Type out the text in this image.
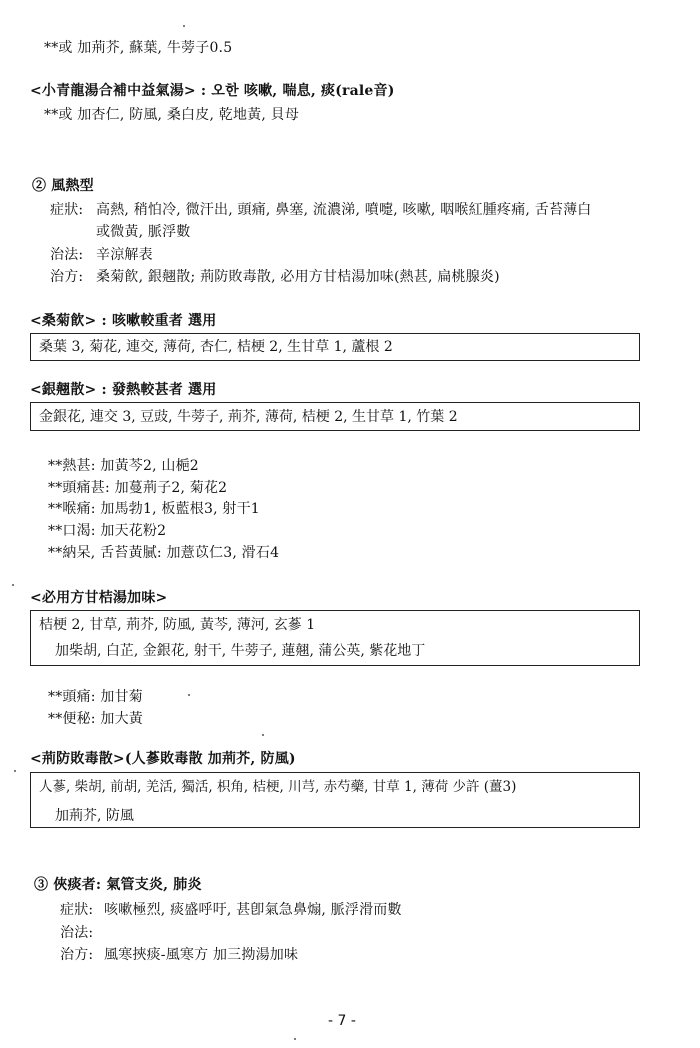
**或 加荊芥, 蘇葉, 牛蒡子0.5
<小青龍湯合補中益氣湯> : 오한 咳嗽, 喘息, 痰(rale音)
**或 加杏仁, 防風, 桑白皮, 乾地黃, 貝母
② 風熱型
症狀: 高熱, 稍怕冷, 微汗出, 頭痛, 鼻塞, 流濃涕, 噴嚏, 咳嗽, 咽喉紅腫疼痛, 舌苔薄白
或微黃, 脈浮數
治法: 辛涼解表
治方: 桑菊飮, 銀翹散; 荊防敗毒散, 必用方甘桔湯加味(熱甚, 扁桃腺炎)
<桑菊飮> : 咳嗽較重者 選用
桑葉 3, 菊花, 連交, 薄荷, 杏仁, 桔梗 2, 生甘草 1, 蘆根 2
<銀翹散> : 發熱較甚者 選用
金銀花, 連交 3, 豆豉, 牛蒡子, 荊芥, 薄荷, 桔梗 2, 生甘草 1, 竹葉 2
**熱甚: 加黃芩2, 山梔2
**頭痛甚: 加蔓荊子2, 菊花2
**喉痛: 加馬勃1, 板藍根3, 射干1
**口渴: 加天花粉2
**納呆, 舌苔黃膩: 加薏苡仁3, 滑石4
<必用方甘桔湯加味>
桔梗 2, 甘草, 荊芥, 防風, 黃芩, 薄河, 玄蔘 1
加柴胡, 白芷, 金銀花, 射干, 牛蒡子, 蓮翹, 蒲公英, 紫花地丁
**頭痛: 加甘菊
**便秘: 加大黃
<荊防敗毒散>(人蔘敗毒散 加荊芥, 防風)
人蔘, 柴胡, 前胡, 羌活, 獨活, 枳角, 桔梗, 川芎, 赤芍藥, 甘草 1, 薄荷 少許 (薑3)
加荊芥, 防風
③ 俠痰者: 氣管支炎, 肺炎
症狀: 咳嗽極烈, 痰盛呼吁, 甚卽氣急鼻煽, 脈浮滑而數
治法:
治方: 風寒挾痰-風寒方 加三拗湯加味
- 7 -
